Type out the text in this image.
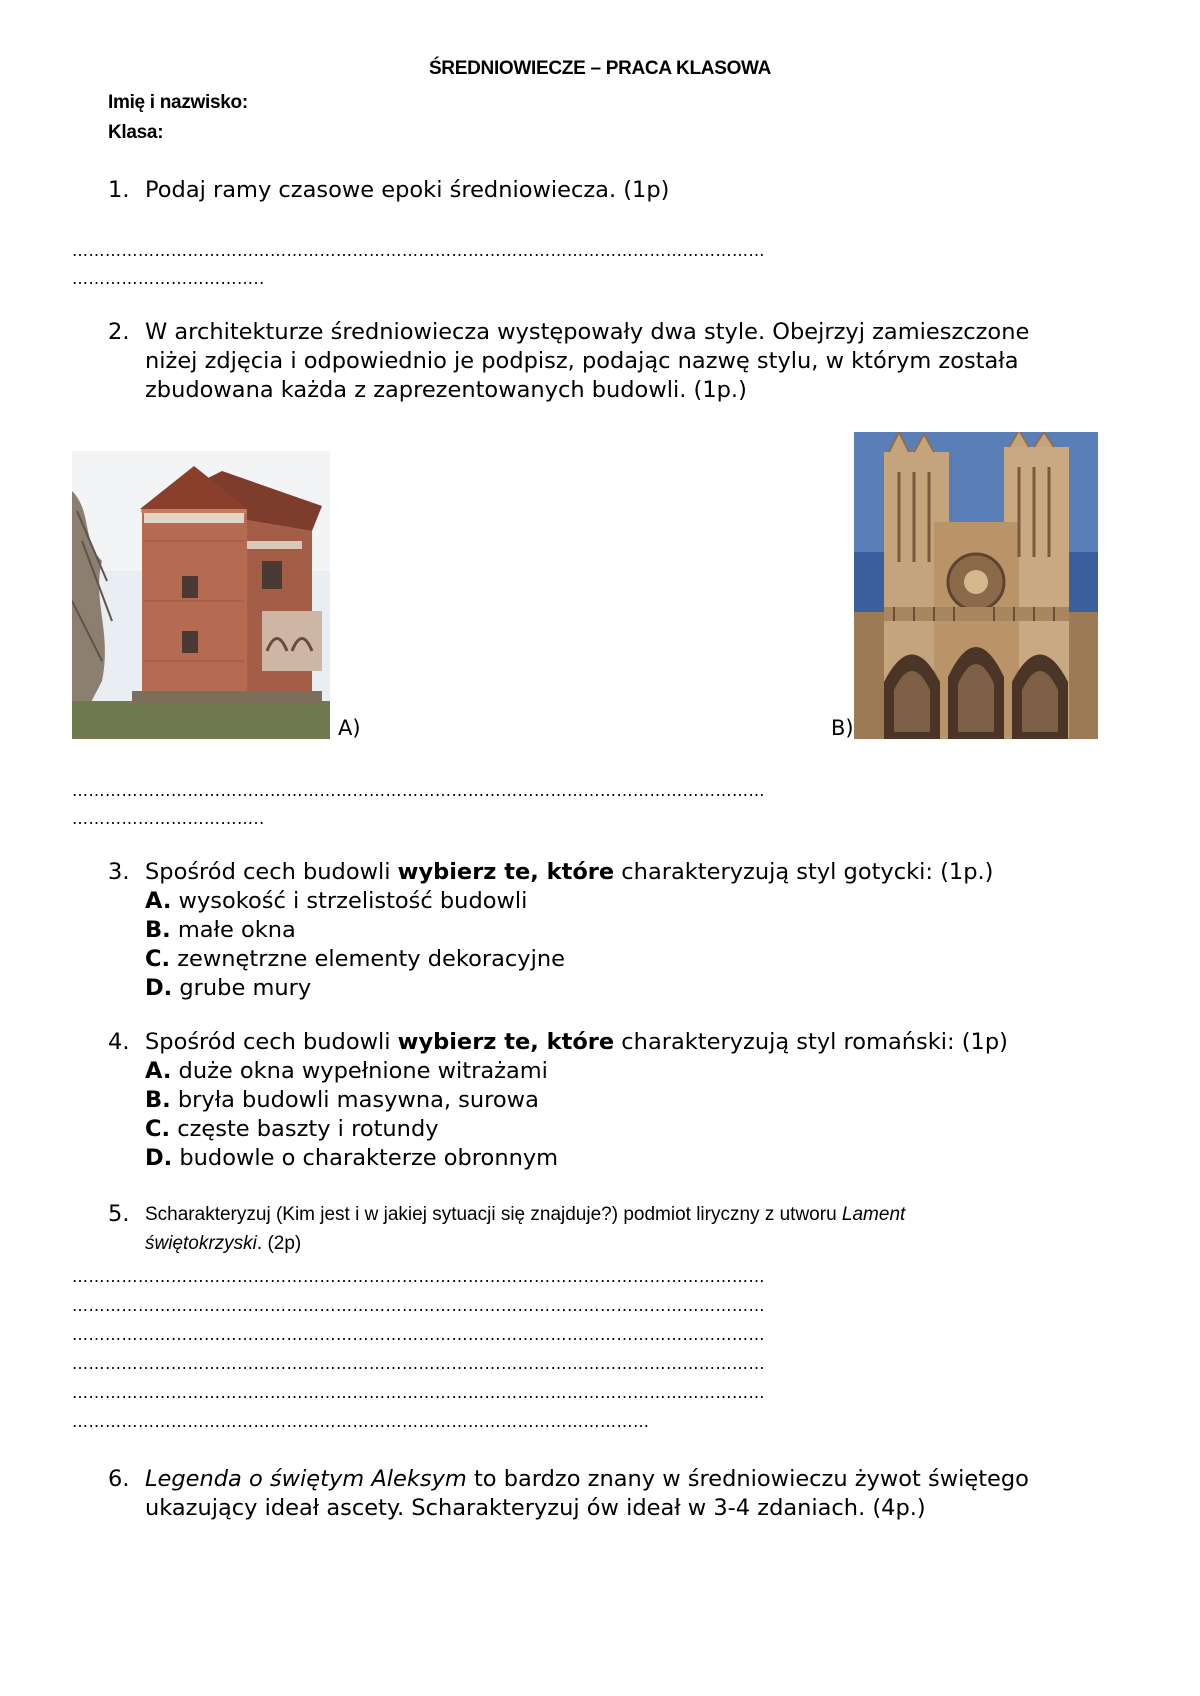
ŚREDNIOWIECZE – PRACA KLASOWA
Imię i nazwisko:
Klasa:
1. Podaj ramy czasowe epoki średniowiecza. (1p)
………………………………………………………………………………………………………………
……………………………..
2. W architekturze średniowiecza występowały dwa style. Obejrzyj zamieszczone
niżej zdjęcia i odpowiednio je podpisz, podając nazwę stylu, w którym została
zbudowana każda z zaprezentowanych budowli. (1p.)
A)	B)
………………………………………………………………………………………………………………
……………………………..
3. Spośród cech budowli wybierz te, które charakteryzują styl gotycki: (1p.)
A. wysokość i strzelistość budowli
B. małe okna
C. zewnętrzne elementy dekoracyjne
D. grube mury
4. Spośród cech budowli wybierz te, które charakteryzują styl romański: (1p)
A. duże okna wypełnione witrażami
B. bryła budowli masywna, surowa
C. częste baszty i rotundy
D. budowle o charakterze obronnym
5. Scharakteryzuj (Kim jest i w jakiej sytuacji się znajduje?) podmiot liryczny z utworu Lament
świętokrzyski. (2p)
………………………………………………………………………………………………………………
………………………………………………………………………………………………………………
………………………………………………………………………………………………………………
………………………………………………………………………………………………………………
………………………………………………………………………………………………………………
……………………………………………………………………………………………
6. Legenda o świętym Aleksym to bardzo znany w średniowieczu żywot świętego
ukazujący ideał ascety. Scharakteryzuj ów ideał w 3-4 zdaniach. (4p.)
